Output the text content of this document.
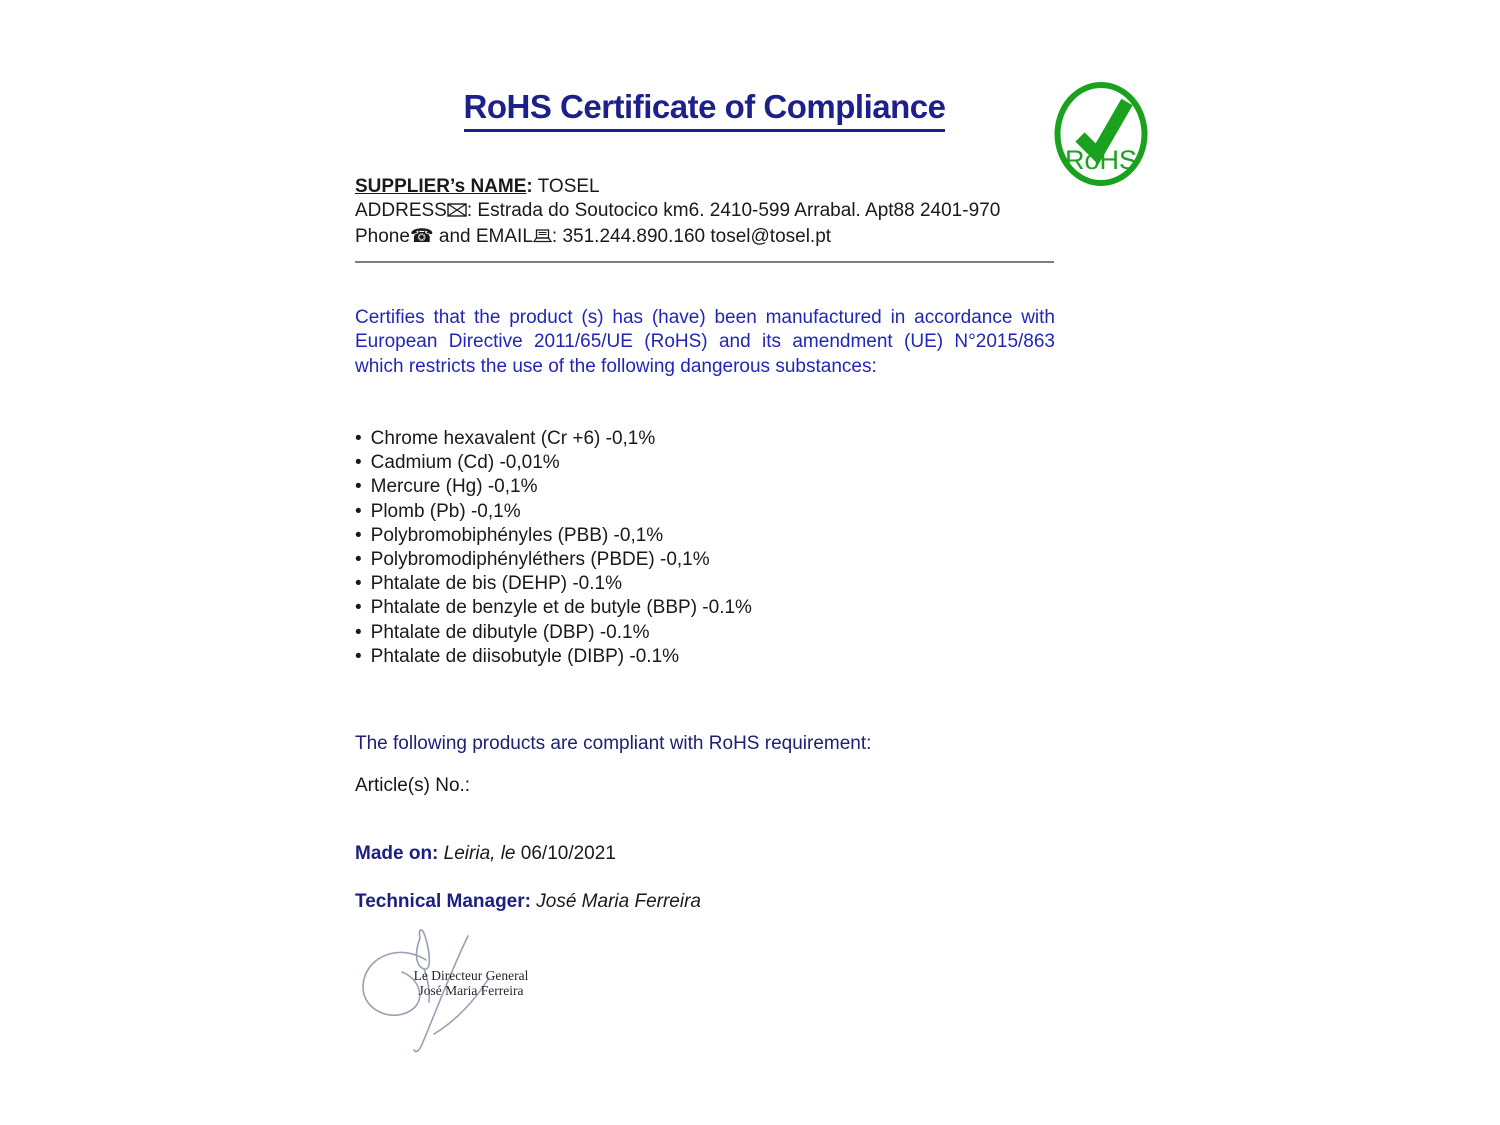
RoHS Certificate of Compliance
RoHS
SUPPLIER’s NAME: TOSEL
ADDRESS : Estrada do Soutocico km6. 2410-599 Arrabal. Apt88 2401-970
Phone☎ and EMAIL : 351.244.890.160 tosel@tosel.pt
Certifies that the product (s) has (have) been manufactured in accordance with European Directive 2011/65/UE (RoHS) and its amendment (UE) N°2015/863 which restricts the use of the following dangerous substances:
• Chrome hexavalent (Cr +6) -0,1%
• Cadmium (Cd) -0,01%
• Mercure (Hg) -0,1%
• Plomb (Pb) -0,1%
• Polybromobiphényles (PBB) -0,1%
• Polybromodiphényléthers (PBDE) -0,1%
• Phtalate de bis (DEHP) -0.1%
• Phtalate de benzyle et de butyle (BBP) -0.1%
• Phtalate de dibutyle (DBP) -0.1%
• Phtalate de diisobutyle (DIBP) -0.1%
The following products are compliant with RoHS requirement:
Article(s) No.:
Made on: Leiria, le 06/10/2021
Technical Manager: José Maria Ferreira
Le Directeur General
José Maria Ferreira
